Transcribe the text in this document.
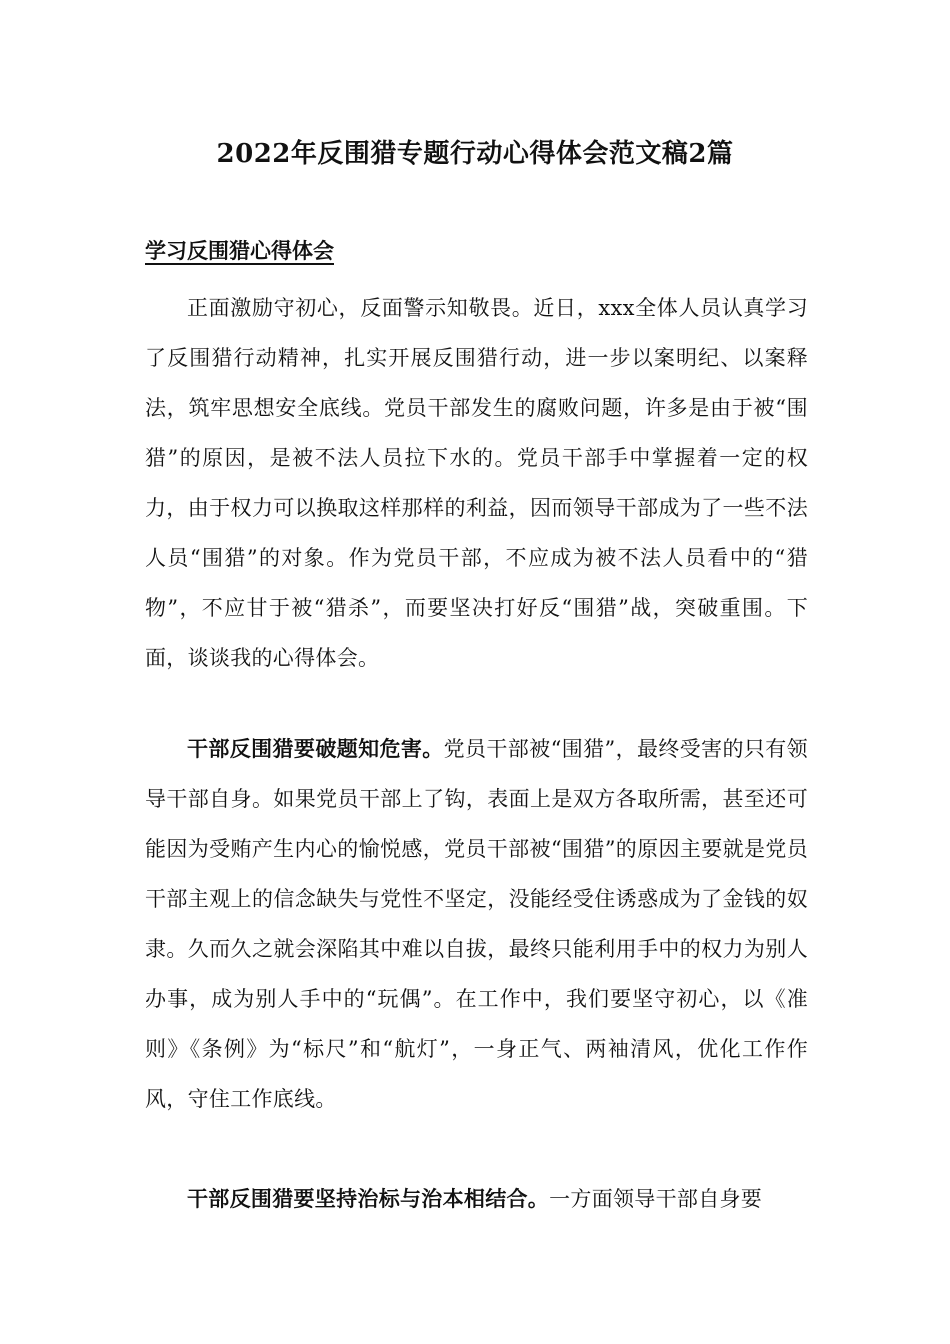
2022年反围猎专题行动心得体会范文稿2篇
学习反围猎心得体会

正面激励守初心，反面警示知敬畏。近日，xxx全体人员认真学习了反围猎行动精神，扎实开展反围猎行动，进一步以案明纪、以案释法，筑牢思想安全底线。党员干部发生的腐败问题，许多是由于被“围猎”的原因，是被不法人员拉下水的。党员干部手中掌握着一定的权力，由于权力可以换取这样那样的利益，因而领导干部成为了一些不法人员“围猎”的对象。作为党员干部，不应成为被不法人员看中的“猎物”，不应甘于被“猎杀”，而要坚决打好反“围猎”战，突破重围。下面，谈谈我的心得体会。

干部反围猎要破题知危害。党员干部被“围猎”，最终受害的只有领导干部自身。如果党员干部上了钩，表面上是双方各取所需，甚至还可能因为受贿产生内心的愉悦感，党员干部被“围猎”的原因主要就是党员干部主观上的信念缺失与党性不坚定，没能经受住诱惑成为了金钱的奴隶。久而久之就会深陷其中难以自拔，最终只能利用手中的权力为别人办事，成为别人手中的“玩偶”。在工作中，我们要坚守初心，以《准则》《条例》为“标尺”和“航灯”，一身正气、两袖清风，优化工作作风，守住工作底线。

干部反围猎要坚持治标与治本相结合。一方面领导干部自身要
